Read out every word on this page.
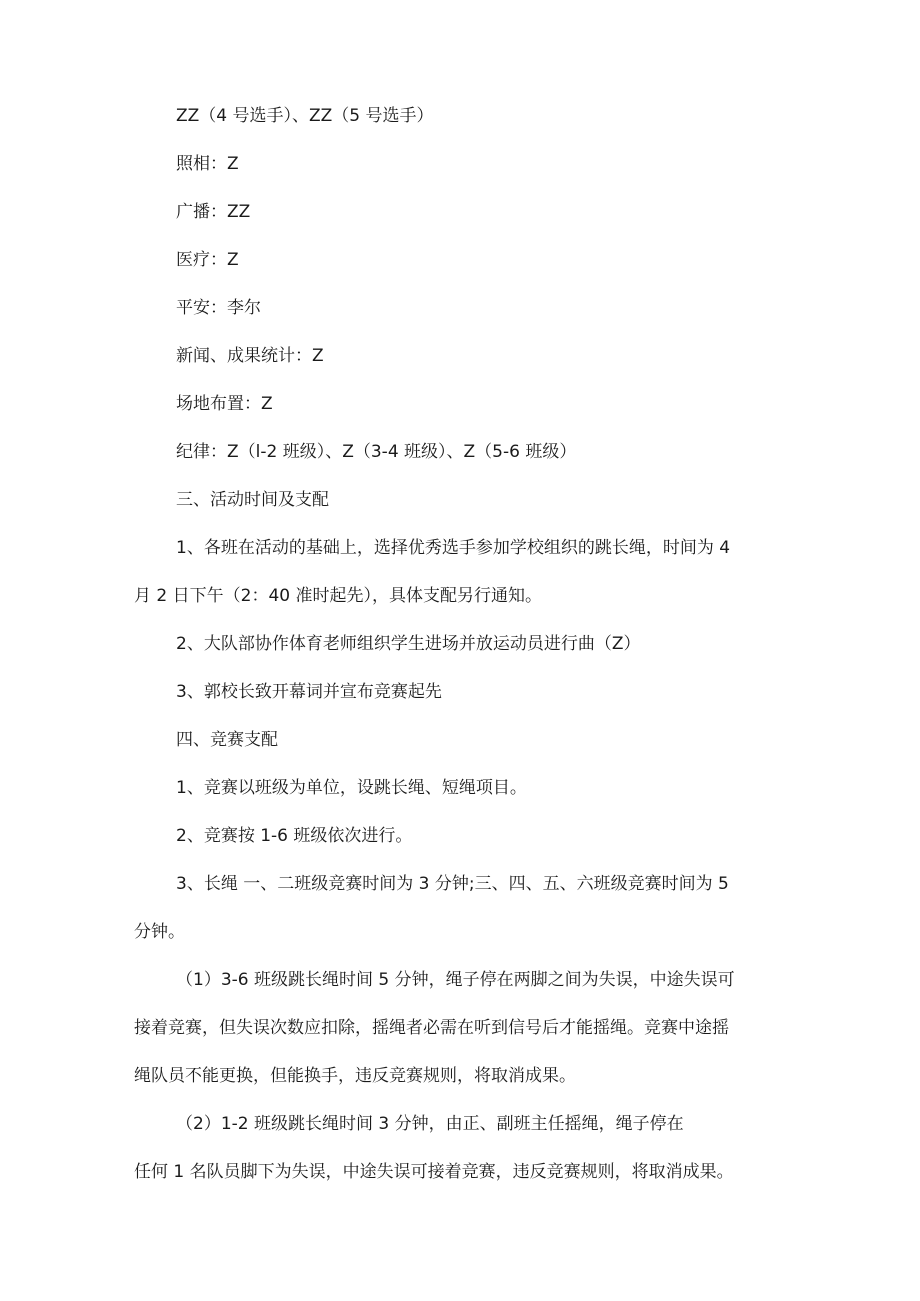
ZZ（4 号选手）、ZZ（5 号选手）

照相：Z

广播：ZZ

医疗：Z

平安：李尔

新闻、成果统计：Z

场地布置：Z

纪律：Z（l-2 班级）、Z（3-4 班级）、Z（5-6 班级）

三、活动时间及支配

1、各班在活动的基础上，选择优秀选手参加学校组织的跳长绳，时间为 4

月 2 日下午（2：40 准时起先），具体支配另行通知。

2、大队部协作体育老师组织学生进场并放运动员进行曲（Z）

3、郭校长致开幕词并宣布竞赛起先

四、竞赛支配

1、竞赛以班级为单位，设跳长绳、短绳项目。

2、竞赛按 1-6 班级依次进行。

3、长绳 一、二班级竞赛时间为 3 分钟;三、四、五、六班级竞赛时间为 5

分钟。

（1）3-6 班级跳长绳时间 5 分钟，绳子停在两脚之间为失误，中途失误可

接着竞赛，但失误次数应扣除，摇绳者必需在听到信号后才能摇绳。竞赛中途摇

绳队员不能更换，但能换手，违反竞赛规则，将取消成果。

（2）1-2 班级跳长绳时间 3 分钟，由正、副班主任摇绳，绳子停在

任何 1 名队员脚下为失误，中途失误可接着竞赛，违反竞赛规则，将取消成果。
